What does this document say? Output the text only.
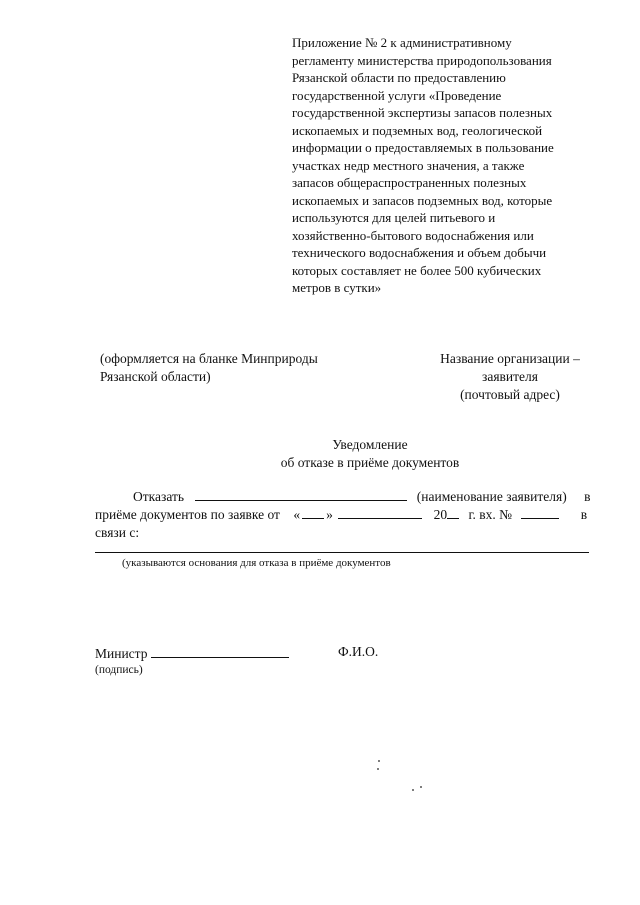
Приложение № 2 к административному
регламенту министерства природопользования
Рязанской области по предоставлению
государственной услуги «Проведение
государственной экспертизы запасов полезных
ископаемых и подземных вод, геологической
информации о предоставляемых в пользование
участках недр местного значения, а также
запасов общераспространенных полезных
ископаемых и запасов подземных вод, которые
используются для целей питьевого и
хозяйственно-бытового водоснабжения или
технического водоснабжения и объем добычи
которых составляет не более 500 кубических
метров в сутки»
(оформляется на бланке Минприроды
Рязанской области)
Название организации –
заявителя
(почтовый адрес)
Уведомление
об отказе в приёме документов
Отказать	(наименование заявителя) в
приёме документов по заявке от « »	20 г. вх. №	в
связи с:
(указываются основания для отказа в приёме документов
Министр	Ф.И.О.
(подпись)
